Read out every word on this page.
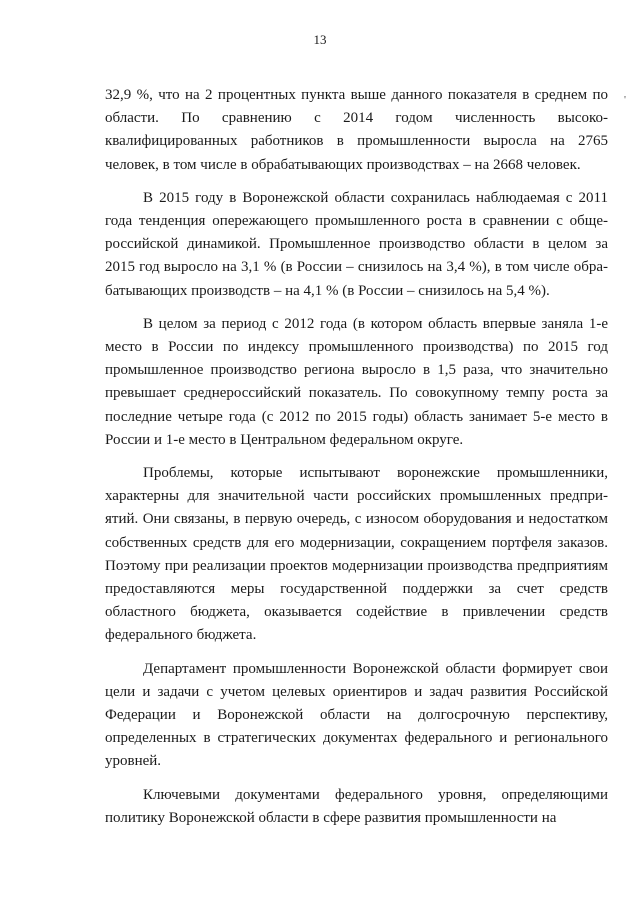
13
'

32,9 %, что на 2 процентных пункта выше данного показателя в среднем по области. По сравнению с 2014 годом численность высоко-квалифицированных работников в промышленности выросла на 2765 человек, в том числе в обрабатывающих производствах – на 2668 человек.

В 2015 году в Воронежской области сохранилась наблюдаемая с 2011 года тенденция опережающего промышленного роста в сравнении с обще-российской динамикой. Промышленное производство области в целом за 2015 год выросло на 3,1 % (в России – снизилось на 3,4 %), в том числе обра-батывающих производств – на 4,1 % (в России – снизилось на 5,4 %).

В целом за период с 2012 года (в котором область впервые заняла 1-е место в России по индексу промышленного производства) по 2015 год промышленное производство региона выросло в 1,5 раза, что значительно превышает среднероссийский показатель. По совокупному темпу роста за последние четыре года (с 2012 по 2015 годы) область занимает 5-е место в России и 1-е место в Центральном федеральном округе.

Проблемы, которые испытывают воронежские промышленники, характерны для значительной части российских промышленных предпри-ятий. Они связаны, в первую очередь, с износом оборудования и недостатком собственных средств для его модернизации, сокращением портфеля заказов. Поэтому при реализации проектов модернизации производства предприятиям предоставляются меры государственной поддержки за счет средств областного бюджета, оказывается содействие в привлечении средств федерального бюджета.

Департамент промышленности Воронежской области формирует свои цели и задачи с учетом целевых ориентиров и задач развития Российской Федерации и Воронежской области на долгосрочную перспективу, определенных в стратегических документах федерального и регионального уровней.

Ключевыми документами федерального уровня, определяющими политику Воронежской области в сфере развития промышленности на
